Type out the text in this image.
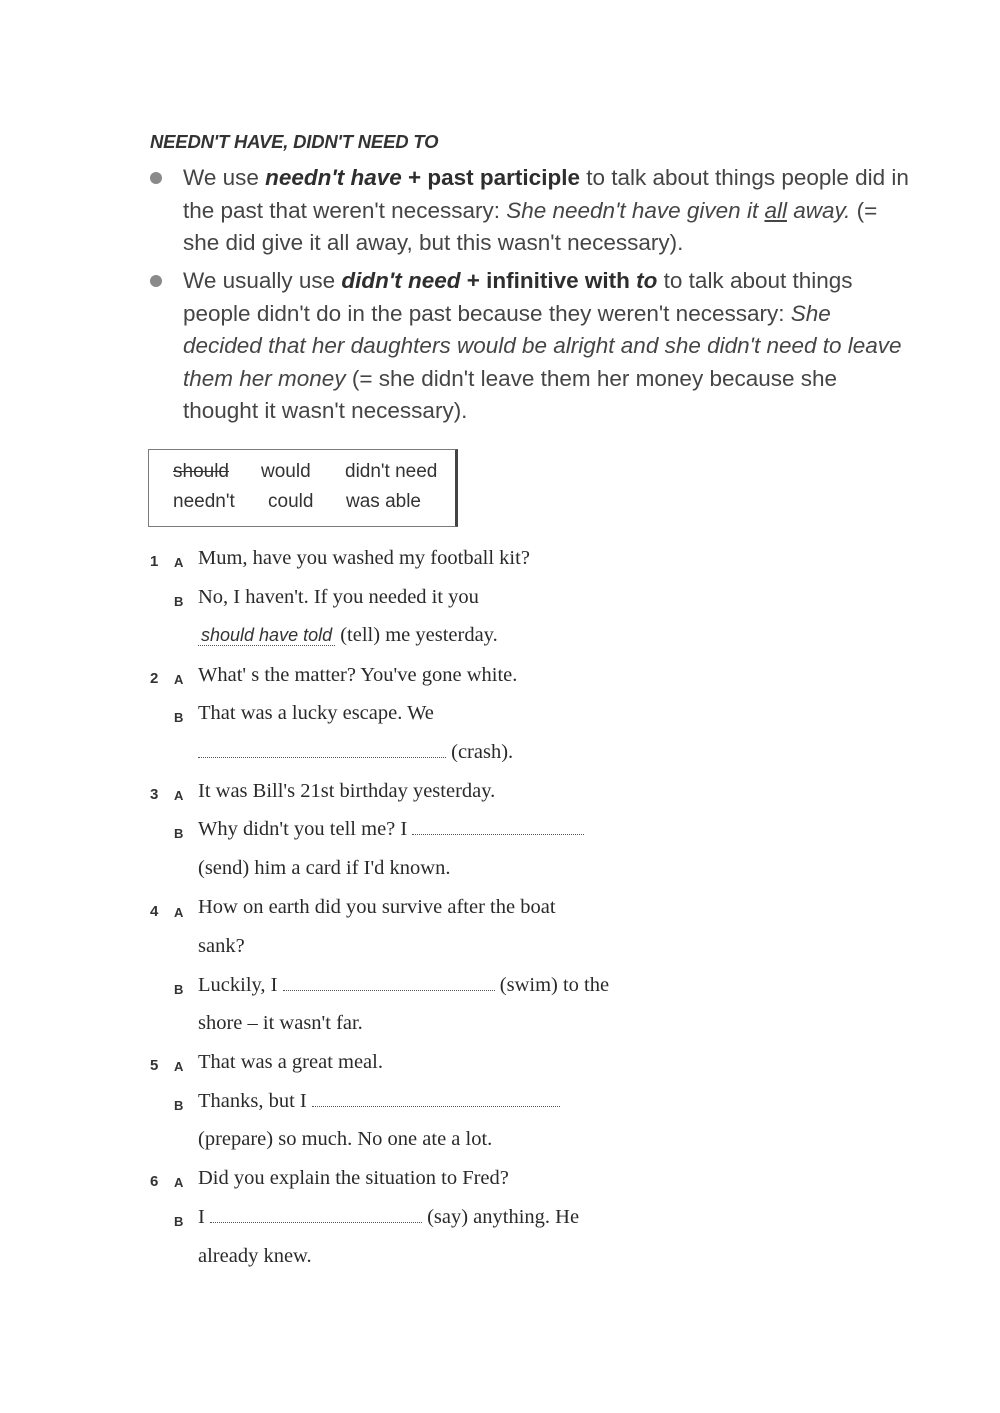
NEEDN'T HAVE, DIDN'T NEED TO
We use needn't have + past participle to talk about things people did in the past that weren't necessary: She needn't have given it all away. (= she did give it all away, but this wasn't necessary).
We usually use didn't need + infinitive with to to talk about things people didn't do in the past because they weren't necessary: She decided that her daughters would be alright and she didn't need to leave them her money (= she didn't leave them her money because she thought it wasn't necessary).
should would didn't need
needn't could was able
1 A Mum, have you washed my football kit?
B No, I haven't. If you needed it you
should have told (tell) me yesterday.
2 A What' s the matter? You've gone white.
B That was a lucky escape. We
(crash).
3 A It was Bill's 21st birthday yesterday.
B Why didn't you tell me? I
(send) him a card if I'd known.
4 A How on earth did you survive after the boat
sank?
B Luckily, I	(swim) to the
shore – it wasn't far.
5 A That was a great meal.
B Thanks, but I
(prepare) so much. No one ate a lot.
6 A Did you explain the situation to Fred?
B I	(say) anything. He
already knew.
